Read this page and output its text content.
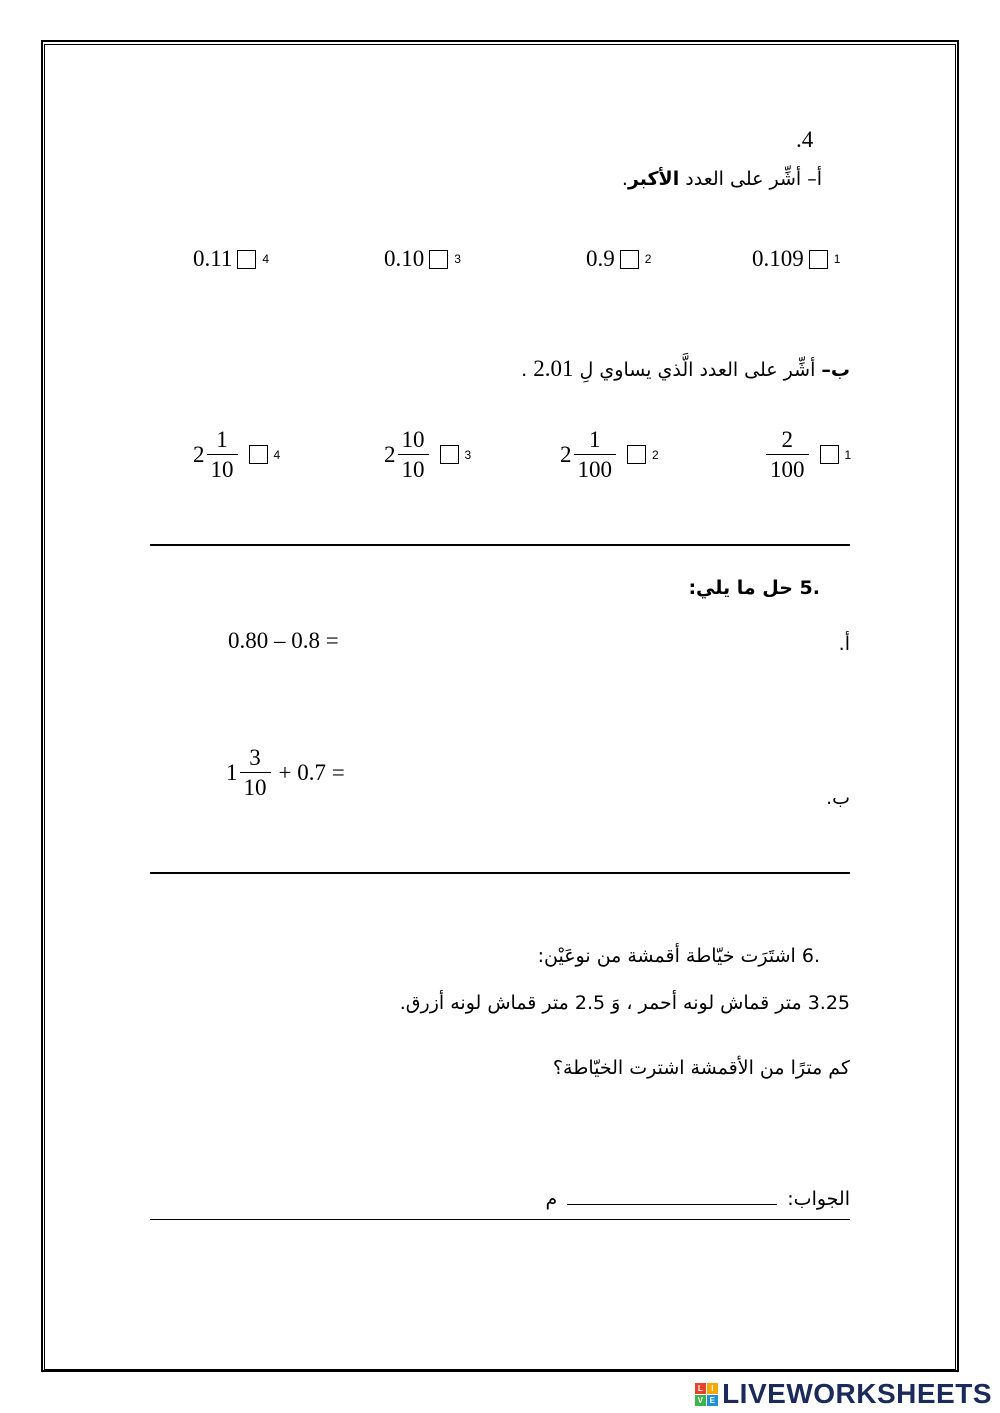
.4
أ– أشِّر على العدد الأكبر.
0.109	1
0.9	2
0.10	3
0.11	4
ب– أشِّر على العدد الَّذي يساوي لِ 2.01 .
$\frac{2}{100}$	1
$2 \frac{1}{100}$	2
$2 \frac{10}{10}$	3
$2 \frac{1}{10}$	4
.5 حل ما يلي:
أ.
0.80 – 0.8 =
$1 \frac{3}{10} + 0.7$ =
ب.
.6 اشتَرَت خيّاطة أقمشة من نوعَيْن:
3.25 متر قماش لونه أحمر ، وَ 2.5 متر قماش لونه أزرق.
كم مترًا من الأقمشة اشترت الخيّاطة؟
الجواب:م
L I
V E LIVEWORKSHEETS
